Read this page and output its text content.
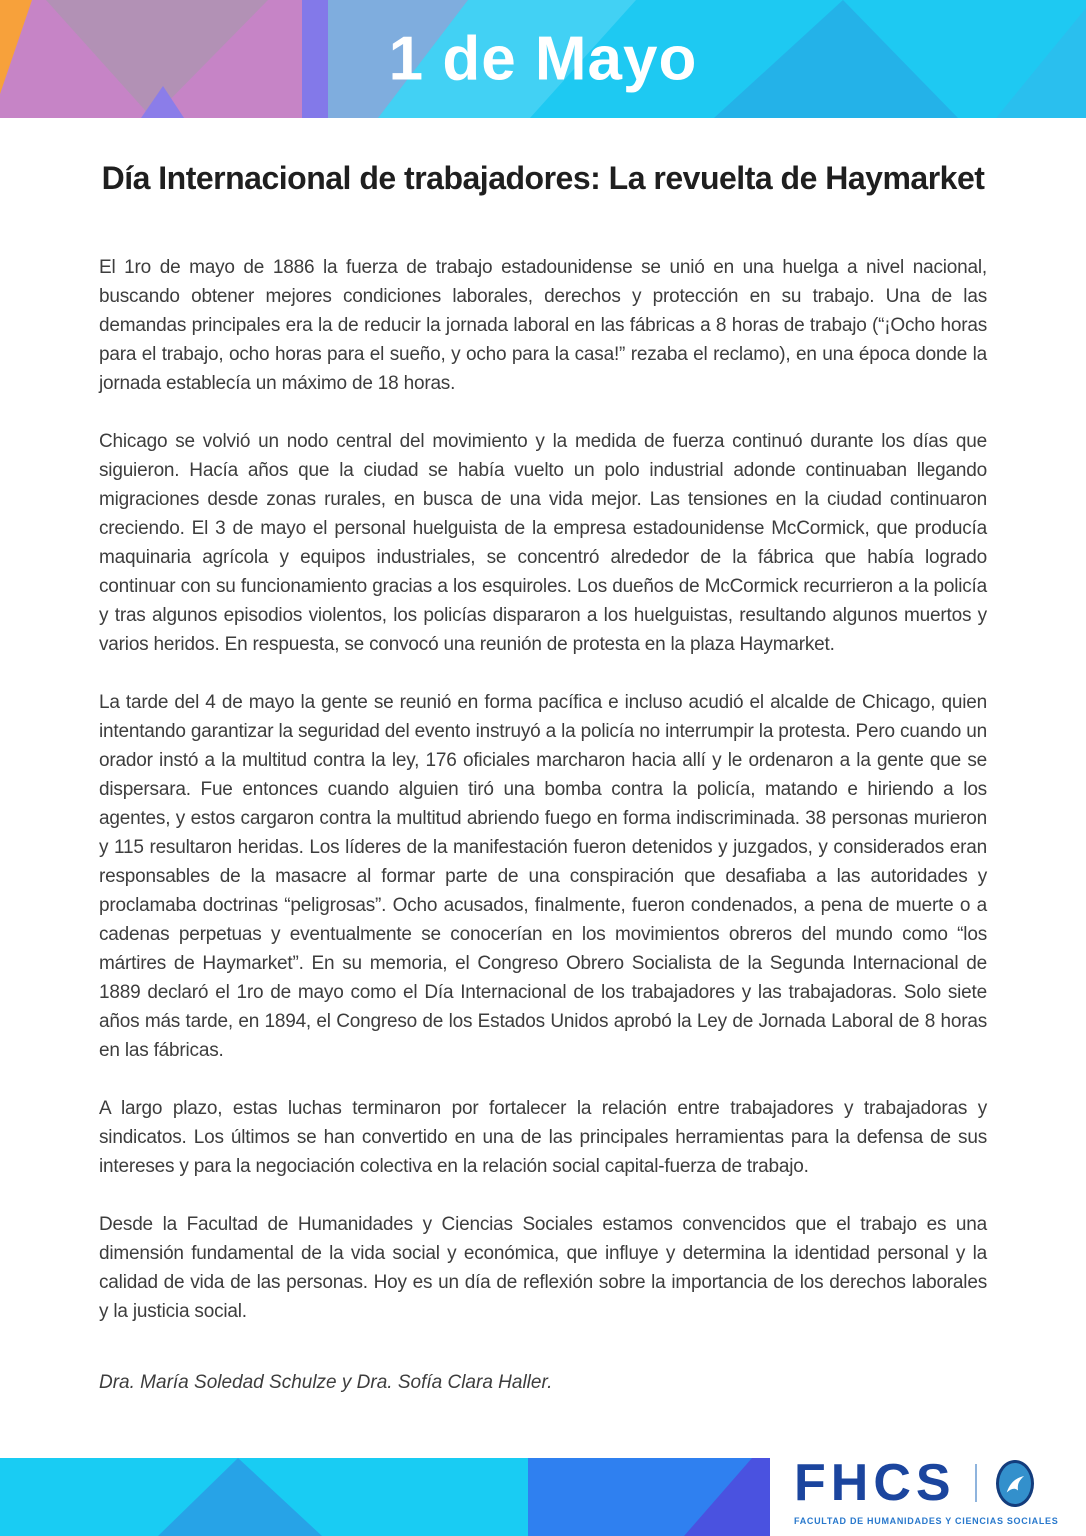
1 de Mayo
Día Internacional de trabajadores: La revuelta de Haymarket

El 1ro de mayo de 1886 la fuerza de trabajo estadounidense se unió en una huelga a nivel nacional, buscando obtener mejores condiciones laborales, derechos y protección en su trabajo. Una de las demandas principales era la de reducir la jornada laboral en las fábricas a 8 horas de trabajo (“¡Ocho horas para el trabajo, ocho horas para el sueño, y ocho para la casa!” rezaba el reclamo), en una época donde la jornada establecía un máximo de 18 horas.

Chicago se volvió un nodo central del movimiento y la medida de fuerza continuó durante los días que siguieron. Hacía años que la ciudad se había vuelto un polo industrial adonde continuaban llegando migraciones desde zonas rurales, en busca de una vida mejor. Las tensiones en la ciudad continuaron creciendo. El 3 de mayo el personal huelguista de la empresa estadounidense McCormick, que producía maquinaria agrícola y equipos industriales, se concentró alrededor de la fábrica que había logrado continuar con su funcionamiento gracias a los esquiroles. Los dueños de McCormick recurrieron a la policía y tras algunos episodios violentos, los policías dispararon a los huelguistas, resultando algunos muertos y varios heridos. En respuesta, se convocó una reunión de protesta en la plaza Haymarket.

La tarde del 4 de mayo la gente se reunió en forma pacífica e incluso acudió el alcalde de Chicago, quien intentando garantizar la seguridad del evento instruyó a la policía no interrumpir la protesta. Pero cuando un orador instó a la multitud contra la ley, 176 oficiales marcharon hacia allí y le ordenaron a la gente que se dispersara. Fue entonces cuando alguien tiró una bomba contra la policía, matando e hiriendo a los agentes, y estos cargaron contra la multitud abriendo fuego en forma indiscriminada. 38 personas murieron y 115 resultaron heridas. Los líderes de la manifestación fueron detenidos y juzgados, y considerados eran responsables de la masacre al formar parte de una conspiración que desafiaba a las autoridades y proclamaba doctrinas “peligrosas”. Ocho acusados, finalmente, fueron condenados, a pena de muerte o a cadenas perpetuas y eventualmente se conocerían en los movimientos obreros del mundo como “los mártires de Haymarket”. En su memoria, el Congreso Obrero Socialista de la Segunda Internacional de 1889 declaró el 1ro de mayo como el Día Internacional de los trabajadores y las trabajadoras. Solo siete años más tarde, en 1894, el Congreso de los Estados Unidos aprobó la Ley de Jornada Laboral de 8 horas en las fábricas.

A largo plazo, estas luchas terminaron por fortalecer la relación entre trabajadores y trabajadoras y sindicatos. Los últimos se han convertido en una de las principales herramientas para la defensa de sus intereses y para la negociación colectiva en la relación social capital-fuerza de trabajo.

Desde la Facultad de Humanidades y Ciencias Sociales estamos convencidos que el trabajo es una dimensión fundamental de la vida social y económica, que influye y determina la identidad personal y la calidad de vida de las personas. Hoy es un día de reflexión sobre la importancia de los derechos laborales y la justicia social.

Dra. María Soledad Schulze y Dra. Sofía Clara Haller.
FHCS
FACULTAD DE HUMANIDADES Y CIENCIAS SOCIALES
